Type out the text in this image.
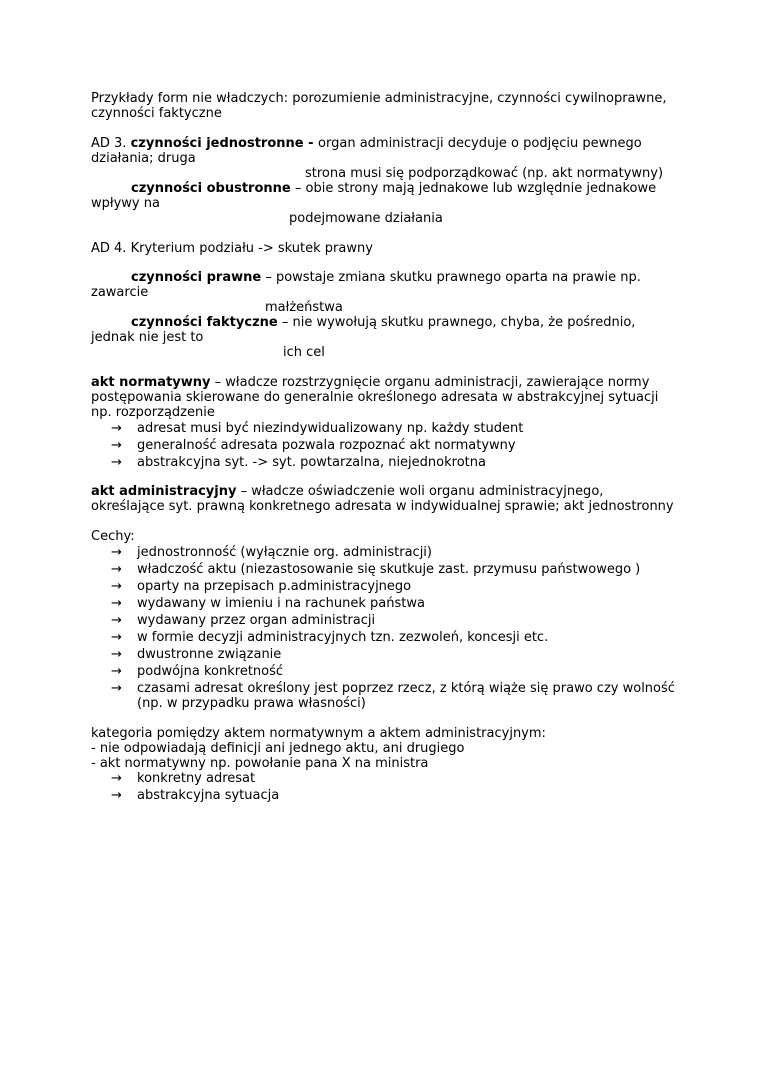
Przykłady form nie władczych: porozumienie administracyjne, czynności cywilnoprawne,
czynności faktyczne
AD 3. czynności jednostronne - organ administracji decyduje o podjęciu pewnego
działania; druga
strona musi się podporządkować (np. akt normatywny)
czynności obustronne – obie strony mają jednakowe lub względnie jednakowe
wpływy na
podejmowane działania
AD 4. Kryterium podziału -> skutek prawny
czynności prawne – powstaje zmiana skutku prawnego oparta na prawie np.
zawarcie
małżeństwa
czynności faktyczne – nie wywołują skutku prawnego, chyba, że pośrednio,
jednak nie jest to
ich cel
akt normatywny – władcze rozstrzygnięcie organu administracji, zawierające normy
postępowania skierowane do generalnie określonego adresata w abstrakcyjnej sytuacji
np. rozporządzenie
→ adresat musi być niezindywidualizowany np. każdy student
→ generalność adresata pozwala rozpoznać akt normatywny
→ abstrakcyjna syt. -> syt. powtarzalna, niejednokrotna
akt administracyjny – władcze oświadczenie woli organu administracyjnego,
określające syt. prawną konkretnego adresata w indywidualnej sprawie; akt jednostronny
Cechy:
→ jednostronność (wyłącznie org. administracji)
→ władczość aktu (niezastosowanie się skutkuje zast. przymusu państwowego )
→ oparty na przepisach p.administracyjnego
→ wydawany w imieniu i na rachunek państwa
→ wydawany przez organ administracji
→ w formie decyzji administracyjnych tzn. zezwoleń, koncesji etc.
→ dwustronne związanie
→ podwójna konkretność
→ czasami adresat określony jest poprzez rzecz, z którą wiąże się prawo czy wolność
(np. w przypadku prawa własności)
kategoria pomiędzy aktem normatywnym a aktem administracyjnym:
- nie odpowiadają definicji ani jednego aktu, ani drugiego
- akt normatywny np. powołanie pana X na ministra
→ konkretny adresat
→ abstrakcyjna sytuacja
